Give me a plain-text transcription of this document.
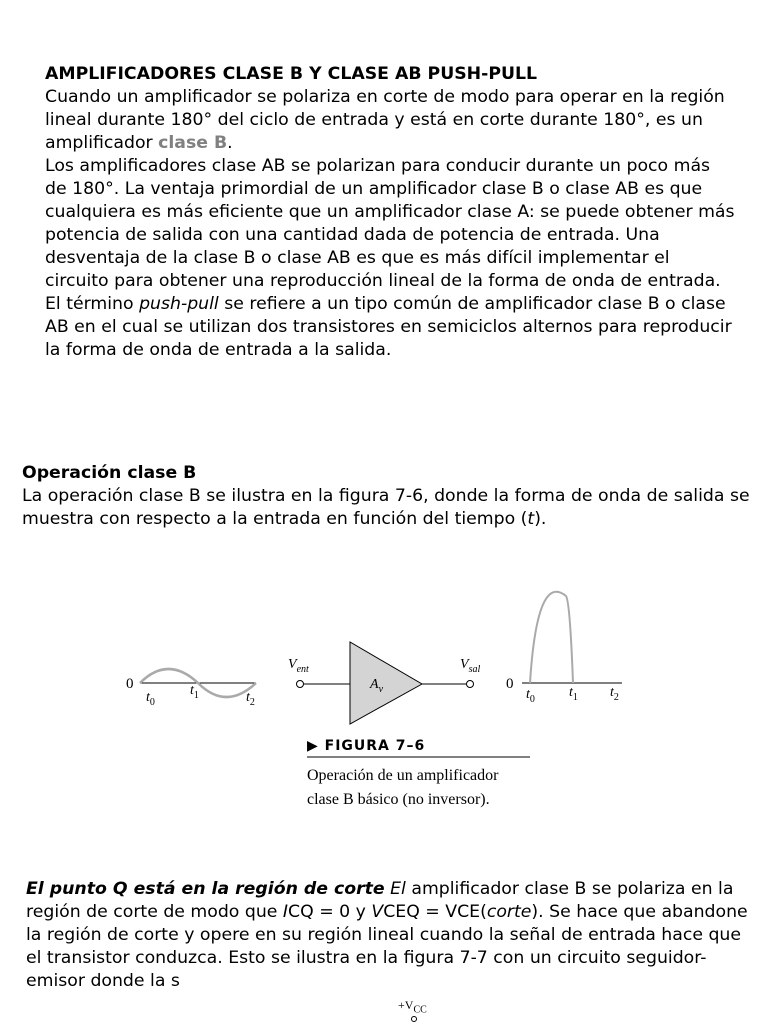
AMPLIFICADORES CLASE B Y CLASE AB PUSH-PULL
Cuando un amplificador se polariza en corte de modo para operar en la región lineal durante 180° del ciclo de entrada y está en corte durante 180°, es un amplificador clase B.
Los amplificadores clase AB se polarizan para conducir durante un poco más de 180°. La ventaja primordial de un amplificador clase B o clase AB es que cualquiera es más eficiente que un amplificador clase A: se puede obtener más potencia de salida con una cantidad dada de potencia de entrada. Una desventaja de la clase B o clase AB es que es más difícil implementar el circuito para obtener una reproducción lineal de la forma de onda de entrada. El término push-pull se refiere a un tipo común de amplificador clase B o clase AB en el cual se utilizan dos transistores en semiciclos alternos para reproducir la forma de onda de entrada a la salida.
Operación clase B
La operación clase B se ilustra en la figura 7-6, donde la forma de onda de salida se muestra con respecto a la entrada en función del tiempo (t).
0
$t_0$
$t_1$	$t_2$
$V_{ent}$
$A_v$
$V_{sal}$
0
$t_0$ $t_1$ $t_2$
▶ FIGURA 7–6
Operación de un amplificador
clase B básico (no inversor).
El punto Q está en la región de corte El amplificador clase B se polariza en la región de corte de modo que ICQ = 0 y VCEQ = VCE(corte). Se hace que abandone la región de corte y opere en su región lineal cuando la señal de entrada hace que el transistor conduzca. Esto se ilustra en la figura 7-7 con un circuito seguidor-emisor donde la s
$+V_{CC}$
